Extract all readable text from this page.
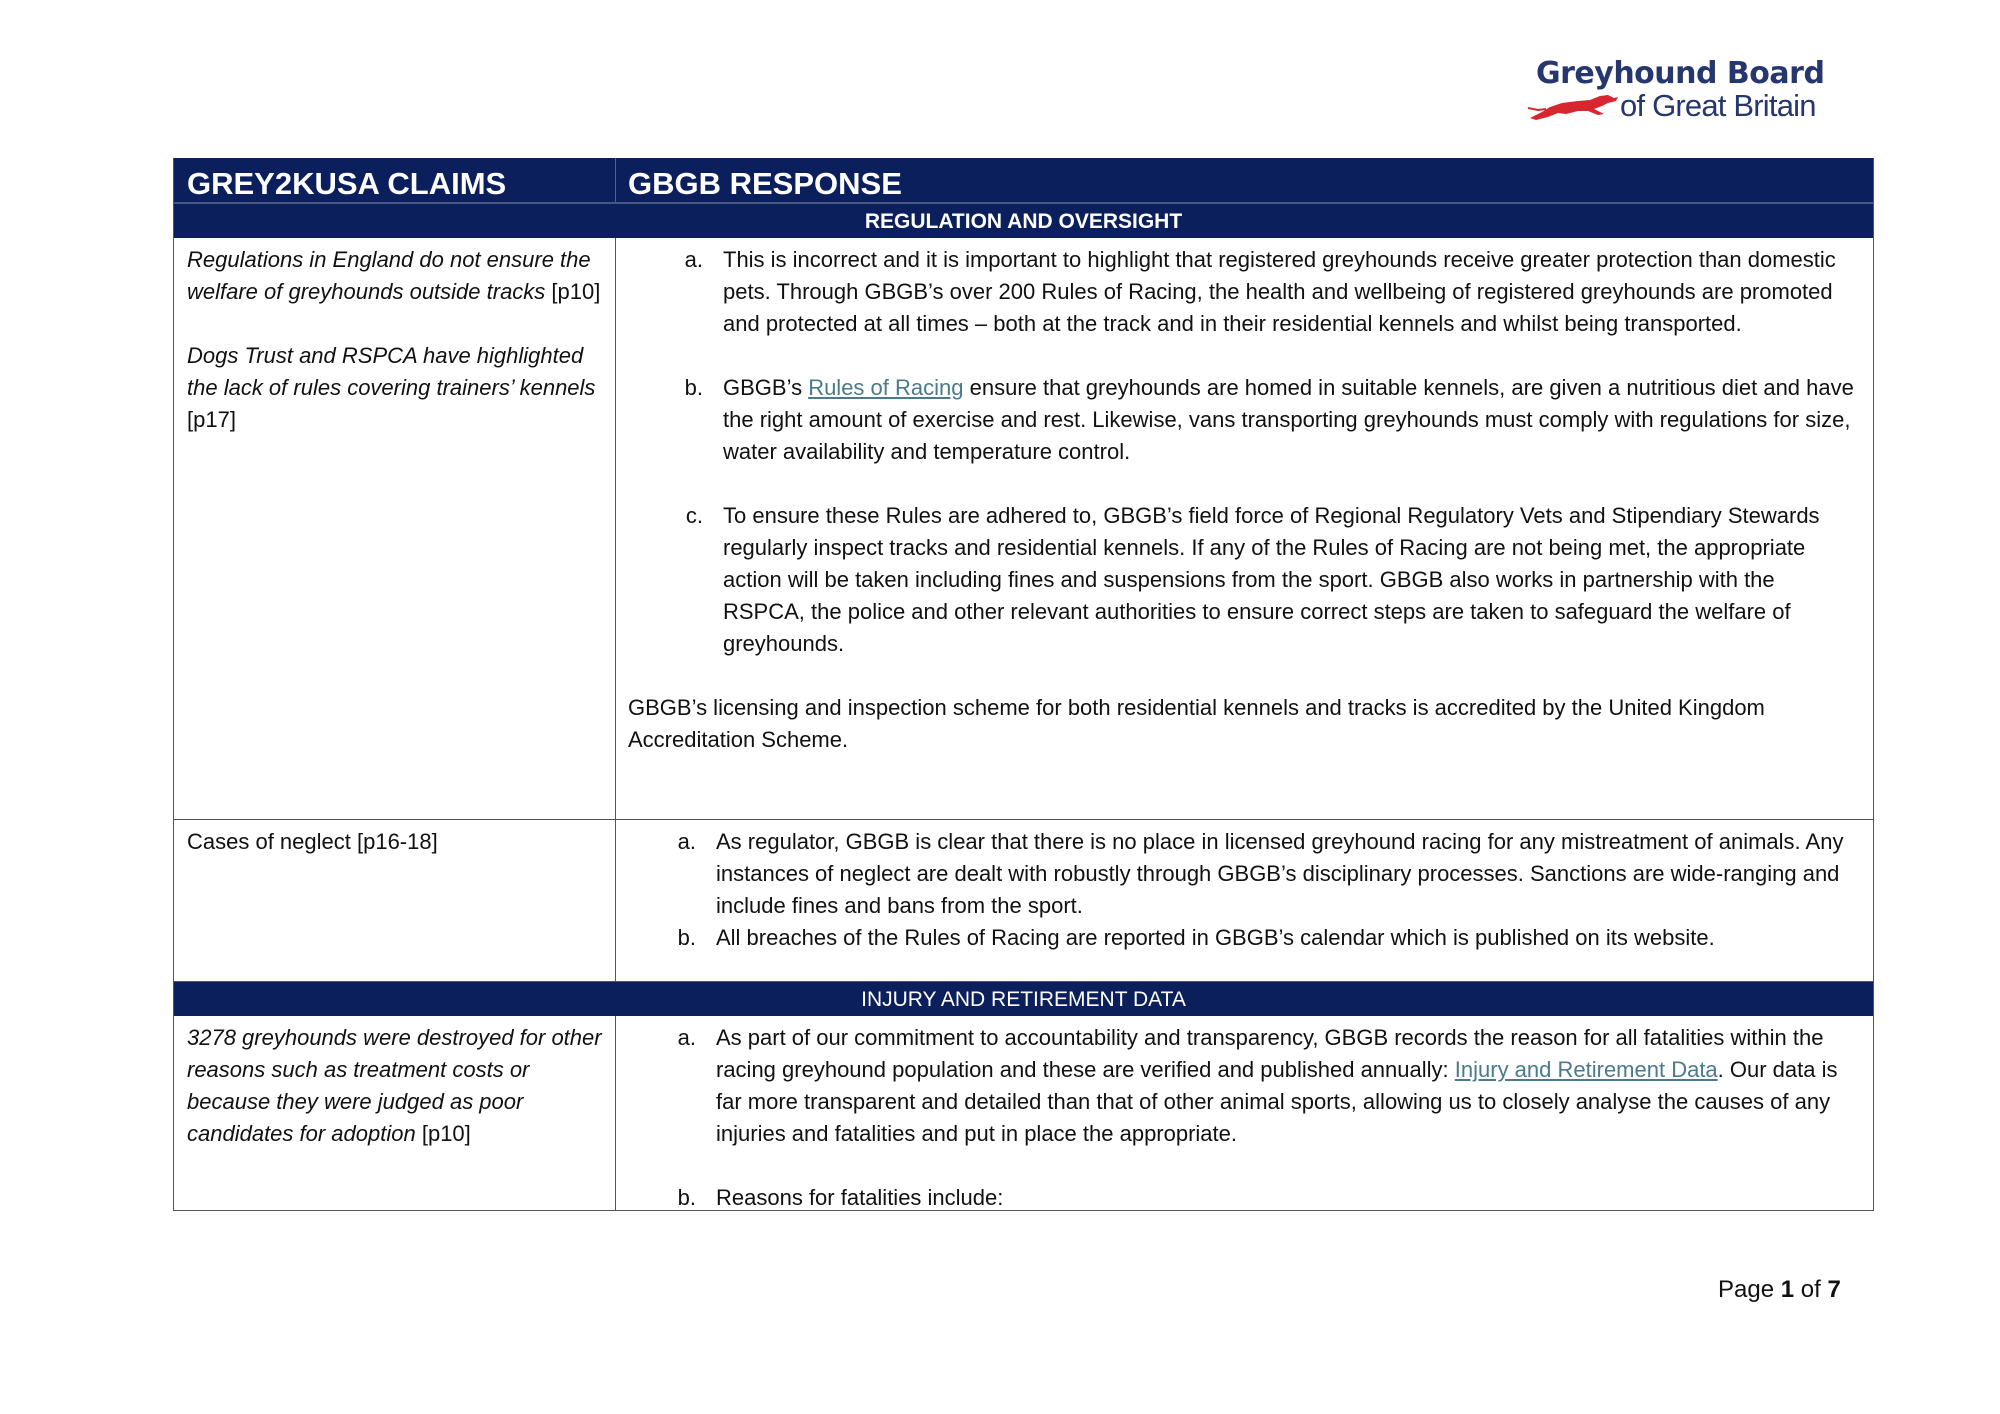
Greyhound Board
of Great Britain
GREY2KUSA CLAIMS	GBGB RESPONSE
REGULATION AND OVERSIGHT
Regulations in England do not ensure the welfare of greyhounds outside tracks [p10]
Dogs Trust and RSPCA have highlighted the lack of rules covering trainers’ kennels [p17]
a. This is incorrect and it is important to highlight that registered greyhounds receive greater protection than domestic pets. Through GBGB’s over 200 Rules of Racing, the health and wellbeing of registered greyhounds are promoted and protected at all times – both at the track and in their residential kennels and whilst being transported.
b. GBGB’s Rules of Racing ensure that greyhounds are homed in suitable kennels, are given a nutritious diet and have the right amount of exercise and rest. Likewise, vans transporting greyhounds must comply with regulations for size, water availability and temperature control.
c. To ensure these Rules are adhered to, GBGB’s field force of Regional Regulatory Vets and Stipendiary Stewards regularly inspect tracks and residential kennels. If any of the Rules of Racing are not being met, the appropriate action will be taken including fines and suspensions from the sport. GBGB also works in partnership with the RSPCA, the police and other relevant authorities to ensure correct steps are taken to safeguard the welfare of greyhounds.
GBGB’s licensing and inspection scheme for both residential kennels and tracks is accredited by the United Kingdom Accreditation Scheme.
Cases of neglect [p16-18]	a. As regulator, GBGB is clear that there is no place in licensed greyhound racing for any mistreatment of animals. Any instances of neglect are dealt with robustly through GBGB’s disciplinary processes. Sanctions are wide-ranging and include fines and bans from the sport.
b. All breaches of the Rules of Racing are reported in GBGB’s calendar which is published on its website.
INJURY AND RETIREMENT DATA
3278 greyhounds were destroyed for other reasons such as treatment costs or because they were judged as poor candidates for adoption [p10]
a. As part of our commitment to accountability and transparency, GBGB records the reason for all fatalities within the racing greyhound population and these are verified and published annually: Injury and Retirement Data. Our data is far more transparent and detailed than that of other animal sports, allowing us to closely analyse the causes of any injuries and fatalities and put in place the appropriate.
b. Reasons for fatalities include:
Page 1 of 7
